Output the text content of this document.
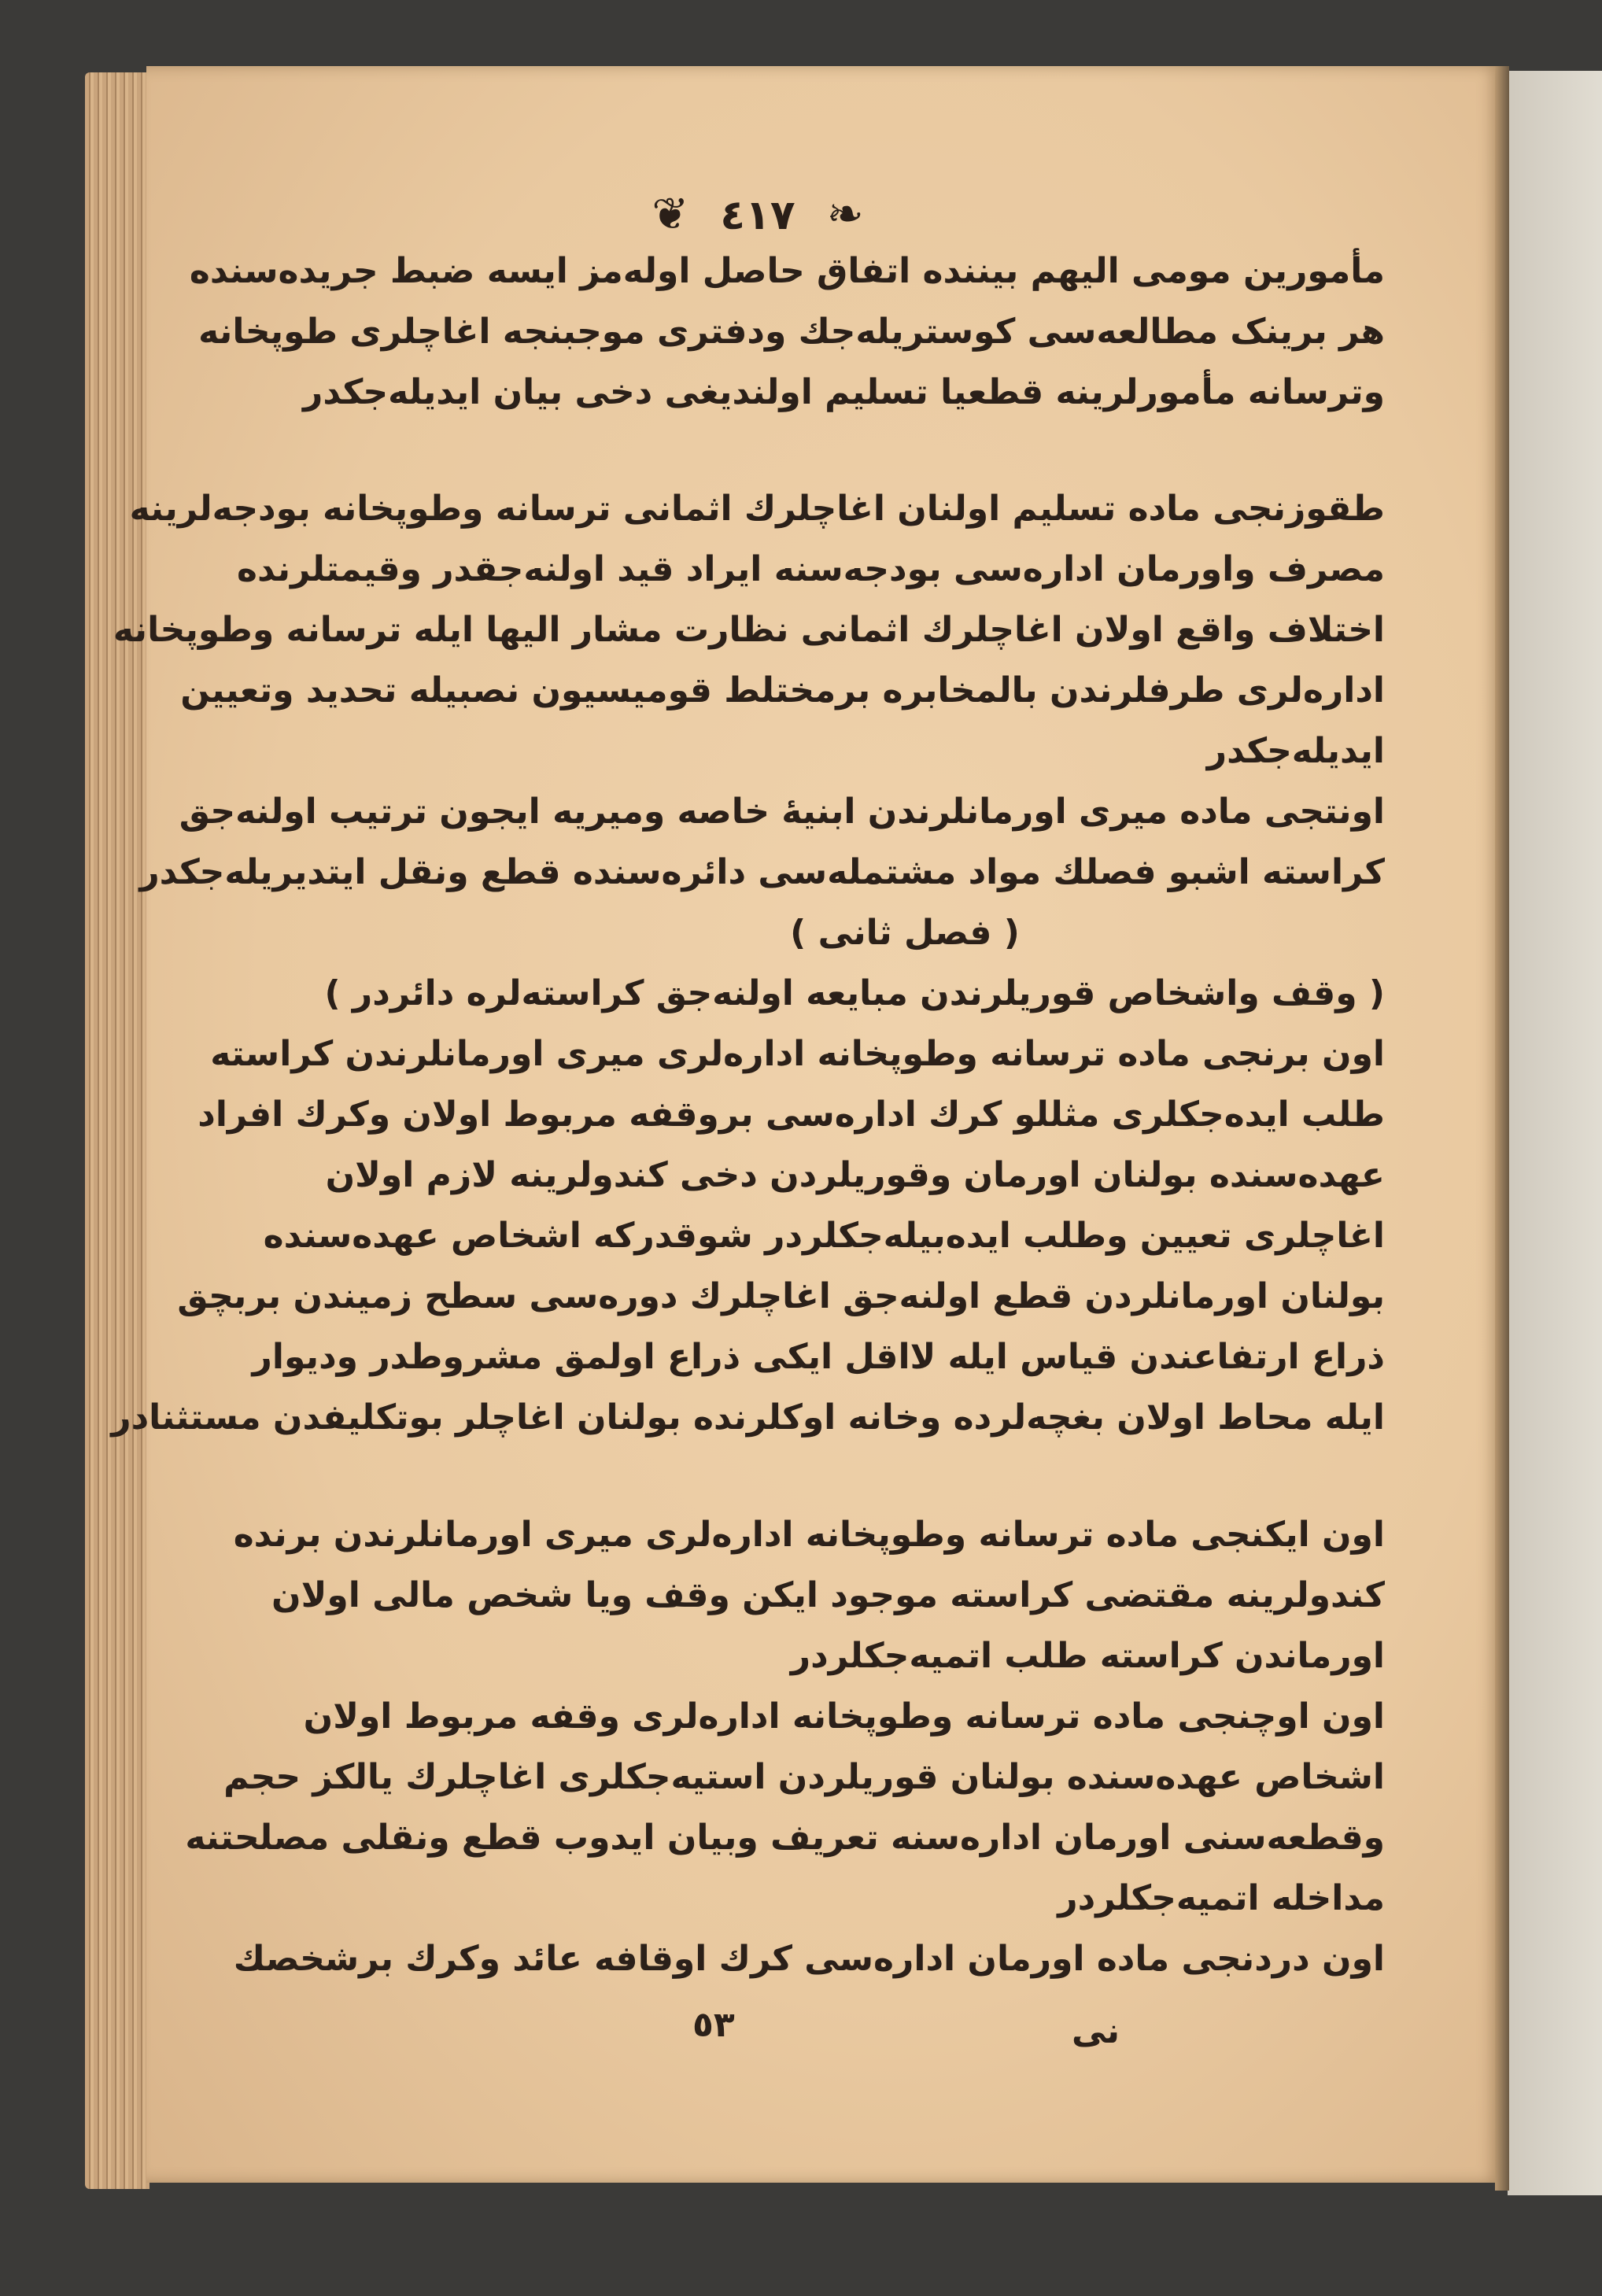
❦ ٤١٧ ❧
مأمورین مومی الیهم بیننده اتفاق حاصل اوله‌مز ایسه ضبط جریده‌سنده
هر برینک مطالعه‌سی کوستریله‌جك ودفتری موجبنجه اغاچلری طوپخانه
وترسانه مأمورلرینه قطعیا تسلیم اولندیغی دخی بیان ایدیله‌جکدر
طقوزنجی ماده تسلیم اولنان اغاچلرك اثمانی ترسانه وطوپخانه بودجه‌لرینه
مصرف واورمان اداره‌سی بودجه‌سنه ایراد قید اولنه‌جقدر وقیمتلرنده
اختلاف واقع اولان اغاچلرك اثمانی نظارت مشار الیها ایله ترسانه وطوپخانه
اداره‌لری طرفلرندن بالمخابره برمختلط قومیسیون نصبیله تحدید وتعیین
ایدیله‌جکدر
اونتجی ماده میری اورمانلرندن ابنیهٔ خاصه ومیریه ایجون ترتیب اولنه‌جق
کراسته اشبو فصلك مواد مشتمله‌سی دائره‌سنده قطع ونقل ایتدیریله‌جکدر
( فصل ثانی )
( وقف واشخاص قوریلرندن مبایعه اولنه‌جق کراسته‌لره دائردر )
اون برنجی ماده ترسانه وطوپخانه اداره‌لری میری اورمانلرندن کراسته
طلب ایده‌جکلری مثللو کرك اداره‌سی بروقفه مربوط اولان وکرك افراد
عهده‌سنده بولنان اورمان وقوریلردن دخی کندولرینه لازم اولان
اغاچلری تعیین وطلب ایده‌بیله‌جکلردر شوقدرکه اشخاص عهده‌سنده
بولنان اورمانلردن قطع اولنه‌جق اغاچلرك دوره‌سی سطح زمیندن بربچق
ذراع ارتفاعندن قیاس ایله لااقل ایکی ذراع اولمق مشروطدر ودیوار
ایله محاط اولان بغچه‌لرده وخانه اوکلرنده بولنان اغاچلر بوتکلیفدن مستثنادر
اون ایکنجی ماده ترسانه وطوپخانه اداره‌لری میری اورمانلرندن برنده
کندولرینه مقتضی کراسته موجود ایکن وقف ویا شخص مالی اولان
اورماندن کراسته طلب اتمیه‌جکلردر
اون اوچنجی ماده ترسانه وطوپخانه اداره‌لری وقفه مربوط اولان
اشخاص عهده‌سنده بولنان قوریلردن استیه‌جکلری اغاچلرك یالکز حجم
وقطعه‌سنی اورمان اداره‌سنه تعریف وبیان ایدوب قطع ونقلی مصلحتنه
مداخله اتمیه‌جکلردر
اون دردنجی ماده اورمان اداره‌سی کرك اوقافه عائد وکرك برشخصك
٥٣	نی
